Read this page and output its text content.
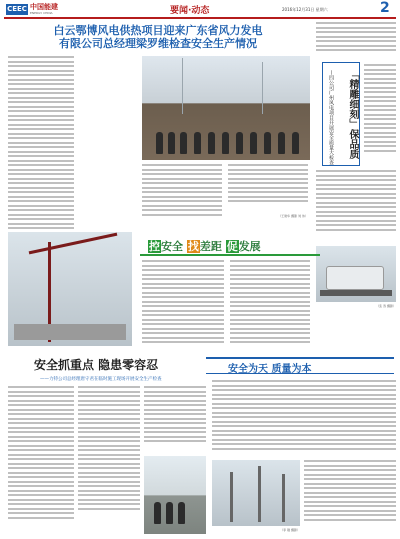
CEEC 中国能建
ENERGY CHINA	要闻·动态	2016年12月31日 星期六	2
白云鄂博风电供热项目迎来广东省风力发电
有限公司总经理梁罗维检查安全生产情况
（王建华 摄影 刘 伟）
「精雕细刻」保品质
—四公司广州风电项目开展安全质量大检查
（张 涛 摄影）
控安全 找差距 促发展
安全抓重点 隐患零容忍
——力特公司总经理唐守君在临时施工现场开展安全生产检查
安全为天 质量为本
（李 刚 摄影）
